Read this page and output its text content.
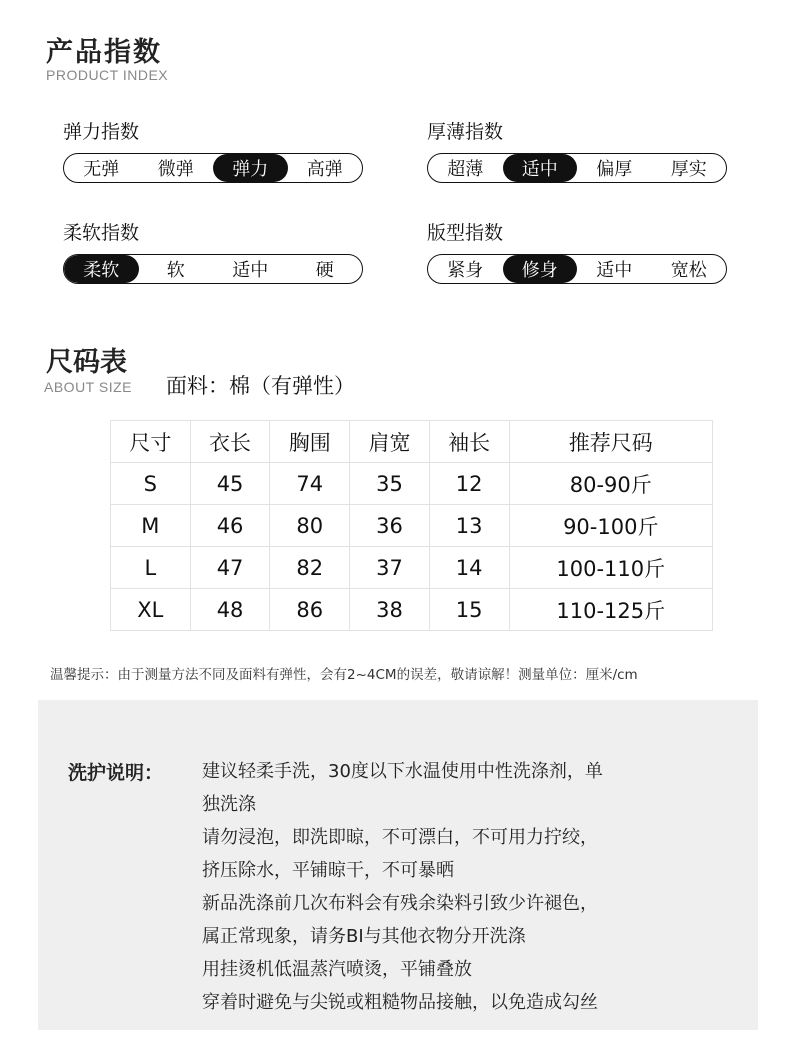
产品指数
PRODUCT INDEX
弹力指数
无弹	微弹	弹力	高弹
厚薄指数
超薄	适中	偏厚	厚实
柔软指数
柔软	软	适中	硬
版型指数
紧身	修身	适中	宽松
尺码表
ABOUT SIZE 面料：棉（有弹性）
尺寸	衣长	胸围	肩宽	袖长	推荐尺码
S	45	74	35	12	80-90斤
M	46	80	36	13	90-100斤
L	47	82	37	14	100-110斤
XL	48	86	38	15	110-125斤
温馨提示：由于测量方法不同及面料有弹性，会有2~4CM的误差，敬请谅解！测量单位：厘米/cm
洗护说明： 建议轻柔手洗，30度以下水温使用中性洗涤剂，单
独洗涤
请勿浸泡，即洗即晾，不可漂白，不可用力拧绞，
挤压除水，平铺晾干，不可暴晒
新品洗涤前几次布料会有残余染料引致少许褪色，
属正常现象，请务BI与其他衣物分开洗涤
用挂烫机低温蒸汽喷烫，平铺叠放
穿着时避免与尖锐或粗糙物品接触，以免造成勾丝
